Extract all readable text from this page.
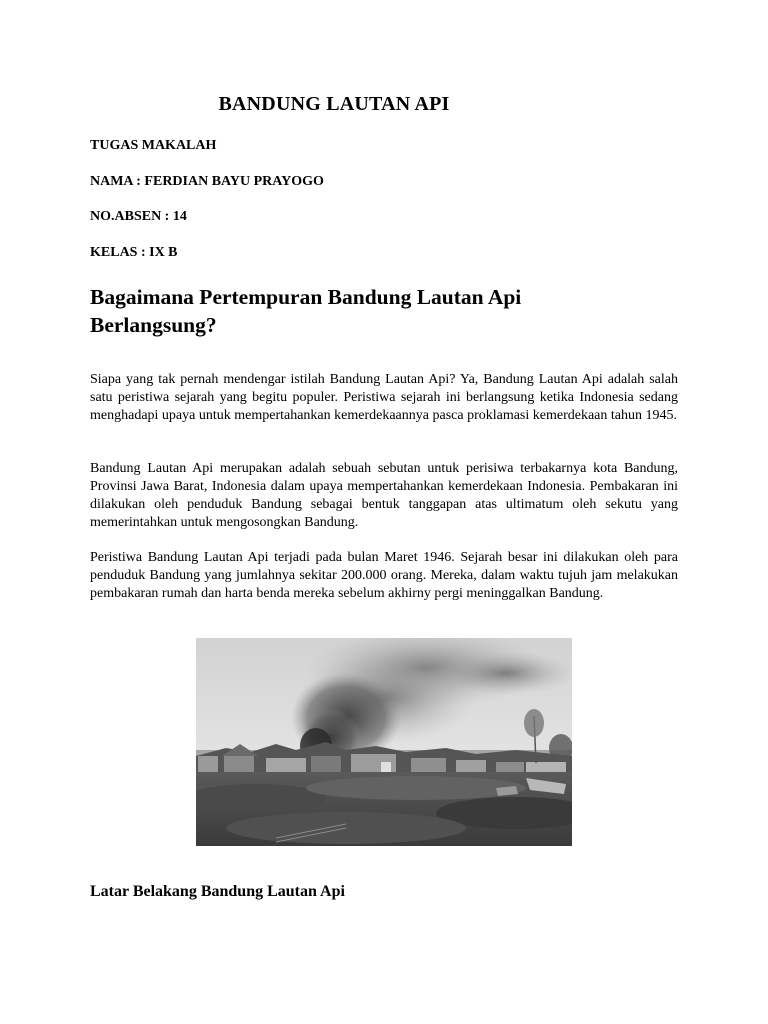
BANDUNG LAUTAN API
TUGAS MAKALAH
NAMA : FERDIAN BAYU PRAYOGO
NO.ABSEN : 14
KELAS : IX B
Bagaimana Pertempuran Bandung Lautan Api Berlangsung?

Siapa yang tak pernah mendengar istilah Bandung Lautan Api? Ya, Bandung Lautan Api adalah salah satu peristiwa sejarah yang begitu populer. Peristiwa sejarah ini berlangsung ketika Indonesia sedang menghadapi upaya untuk mempertahankan kemerdekaannya pasca proklamasi kemerdekaan tahun 1945.

Bandung Lautan Api merupakan adalah sebuah sebutan untuk perisiwa terbakarnya kota Bandung, Provinsi Jawa Barat, Indonesia dalam upaya mempertahankan kemerdekaan Indonesia. Pembakaran ini dilakukan oleh penduduk Bandung sebagai bentuk tanggapan atas ultimatum oleh sekutu yang memerintahkan untuk mengosongkan Bandung.

Peristiwa Bandung Lautan Api terjadi pada bulan Maret 1946. Sejarah besar ini dilakukan oleh para penduduk Bandung yang jumlahnya sekitar 200.000 orang. Mereka, dalam waktu tujuh jam melakukan pembakaran rumah dan harta benda mereka sebelum akhirny pergi meninggalkan Bandung.

Latar Belakang Bandung Lautan Api
